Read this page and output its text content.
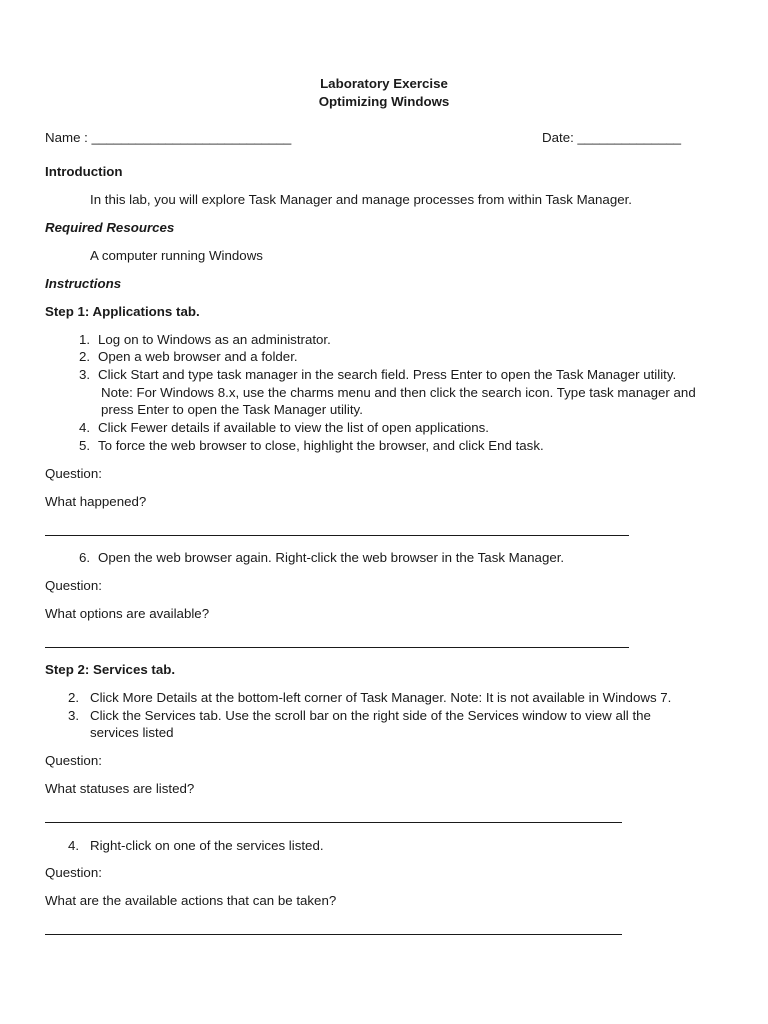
Laboratory Exercise
Optimizing Windows
Name : ___________________________	Date: ______________
Introduction
In this lab, you will explore Task Manager and manage processes from within Task Manager.
Required Resources
A computer running Windows
Instructions
Step 1: Applications tab.
1. Log on to Windows as an administrator.
2. Open a web browser and a folder.
3. Click Start and type task manager in the search field. Press Enter to open the Task Manager utility.
Note: For Windows 8.x, use the charms menu and then click the search icon. Type task manager and
press Enter to open the Task Manager utility.
4. Click Fewer details if available to view the list of open applications.
5. To force the web browser to close, highlight the browser, and click End task.
Question:
What happened?
6. Open the web browser again. Right-click the web browser in the Task Manager.
Question:
What options are available?
Step 2: Services tab.
2. Click More Details at the bottom-left corner of Task Manager. Note: It is not available in Windows 7.
3. Click the Services tab. Use the scroll bar on the right side of the Services window to view all the
services listed
Question:
What statuses are listed?
4. Right-click on one of the services listed.
Question:
What are the available actions that can be taken?
